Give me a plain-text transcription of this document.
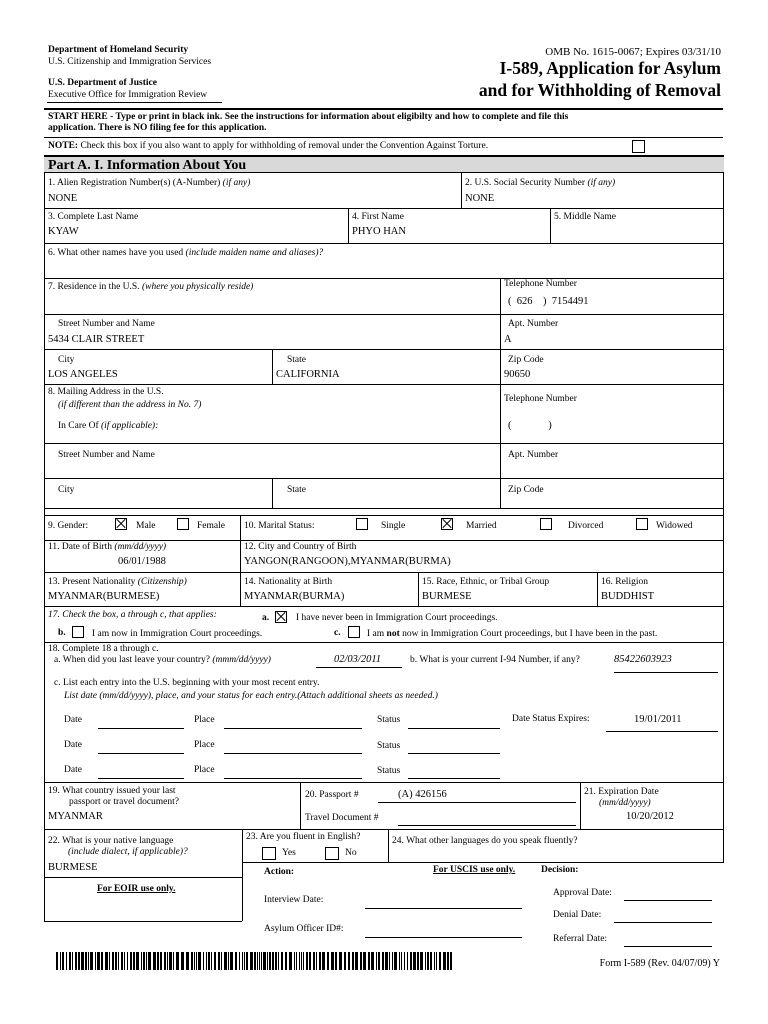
Department of Homeland Security
U.S. Citizenship and Immigration Services
U.S. Department of Justice
Executive Office for Immigration Review
OMB No. 1615-0067; Expires 03/31/10
I-589, Application for Asylum
and for Withholding of Removal
START HERE - Type or print in black ink. See the instructions for information about eligibilty and how to complete and file this
application. There is NO filing fee for this application.
NOTE: Check this box if you also want to apply for withholding of removal under the Convention Against Torture.
Part A. I. Information About You
1. Alien Registration Number(s) (A-Number) (if any)
NONE
2. U.S. Social Security Number (if any)
NONE
3. Complete Last Name
KYAW
4. First Name
PHYO HAN
5. Middle Name
6. What other names have you used (include maiden name and aliases)?
7. Residence in the U.S. (where you physically reside)	Telephone Number
( 626 ) 7154491
Street Number and Name
5434 CLAIR STREET
Apt. Number
A
City
LOS ANGELES
State
CALIFORNIA
Zip Code
90650
8. Mailing Address in the U.S.
(if different than the address in No. 7)
In Care Of (if applicable):
Telephone Number
(	)
Street Number and Name	Apt. Number
City	State	Zip Code
9. Gender:	Male	Female 10. Marital Status:	Single	Married	Divorced	Widowed
11. Date of Birth (mm/dd/yyyy)
06/01/1988
12. City and Country of Birth
YANGON(RANGOON),MYANMAR(BURMA)
13. Present Nationality (Citizenship)
MYANMAR(BURMESE)
14. Nationality at Birth
MYANMAR(BURMA)
15. Race, Ethnic, or Tribal Group
BURMESE
16. Religion
BUDDHIST
17. Check the box, a through c, that applies:	a.	I have never been in Immigration Court proceedings.
b.	I am now in Immigration Court proceedings.	c.	I am not now in Immigration Court proceedings, but I have been in the past.
18. Complete 18 a through c.
a. When did you last leave your country? (mmm/dd/yyyy)	02/03/2011	b. What is your current I-94 Number, if any?	85422603923
c. List each entry into the U.S. beginning with your most recent entry.
List date (mm/dd/yyyy), place, and your status for each entry.(Attach additional sheets as needed.)
Date	Place	Status	Date Status Expires:	19/01/2011
Date	Place	Status
Date	Place	Status
19. What country issued your last
passport or travel document?
MYANMAR
20. Passport #	(A) 426156
Travel Document #
21. Expiration Date
(mm/dd/yyyy)
10/20/2012
22. What is your native language
(include dialect, if applicable)?
BURMESE
23. Are you fluent in English?
Yes	No
24. What other languages do you speak fluently?
For EOIR use only.
Action:	For USCIS use only.	Decision:
Interview Date:
Asylum Officer ID#:
Approval Date:
Denial Date:
Referral Date:
Form I-589 (Rev. 04/07/09) Y
